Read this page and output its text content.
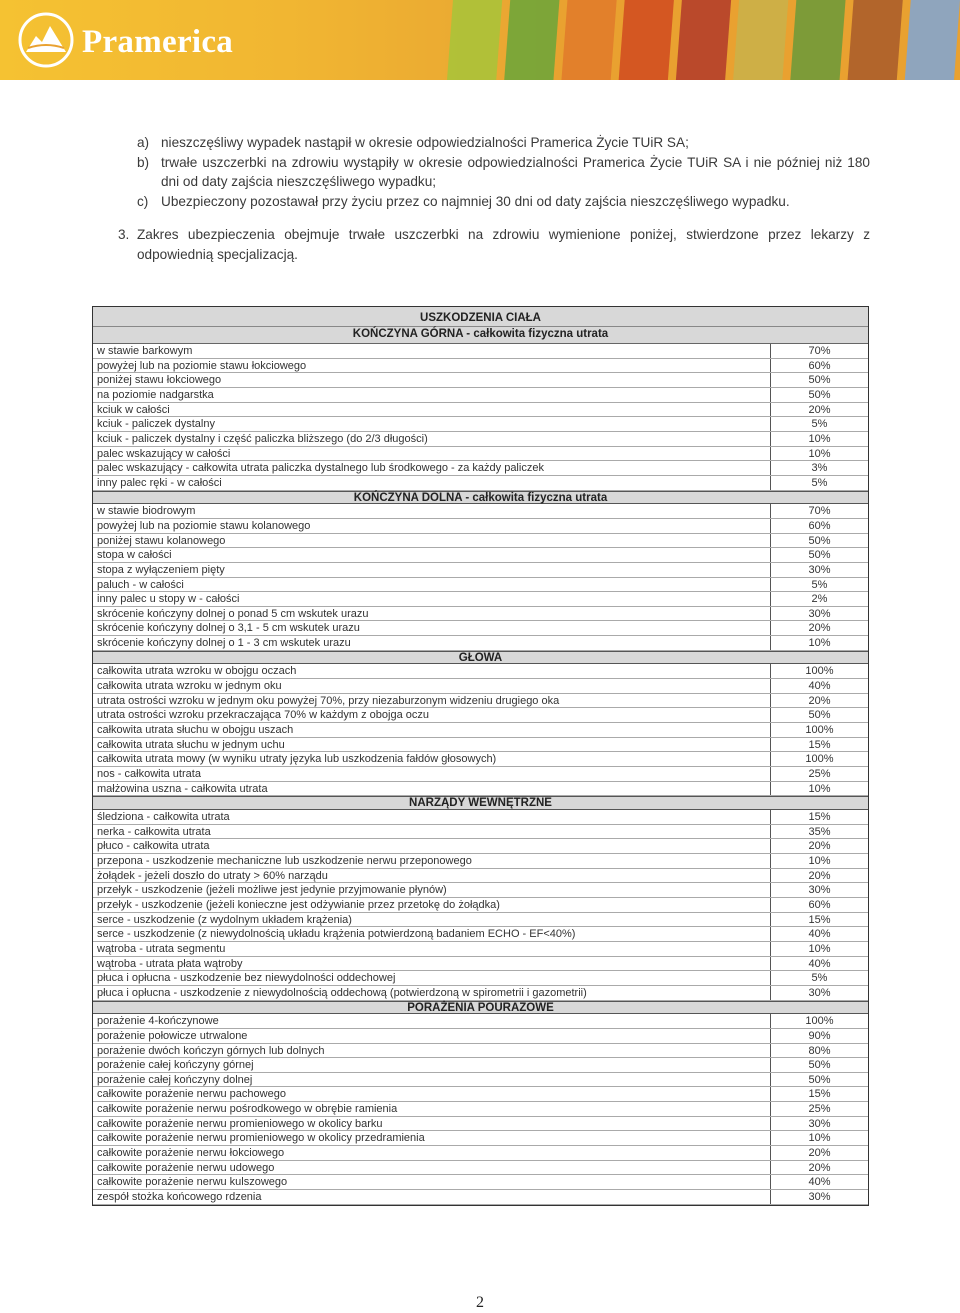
Pramerica
a) nieszczęśliwy wypadek nastąpił w okresie odpowiedzialności Pramerica Życie TUiR SA;
b) trwałe uszczerbki na zdrowiu wystąpiły w okresie odpowiedzialności Pramerica Życie TUiR SA i nie później niż 180 dni od daty zajścia nieszczęśliwego wypadku;
c) Ubezpieczony pozostawał przy życiu przez co najmniej 30 dni od daty zajścia nieszczęśliwego wypadku.
3. Zakres ubezpieczenia obejmuje trwałe uszczerbki na zdrowiu wymienione poniżej, stwierdzone przez lekarzy z odpowiednią specjalizacją.
USZKODZENIA CIAŁA
KOŃCZYNA GÓRNA - całkowita fizyczna utrata
w stawie barkowym	70%
powyżej lub na poziomie stawu łokciowego	60%
poniżej stawu łokciowego	50%
na poziomie nadgarstka	50%
kciuk w całości	20%
kciuk - paliczek dystalny	5%
kciuk - paliczek dystalny i część paliczka bliższego (do 2/3 długości)	10%
palec wskazujący w całości	10%
palec wskazujący - całkowita utrata paliczka dystalnego lub środkowego - za każdy paliczek	3%
inny palec ręki - w całości	5%
KOŃCZYNA DOLNA - całkowita fizyczna utrata
w stawie biodrowym	70%
powyżej lub na poziomie stawu kolanowego	60%
poniżej stawu kolanowego	50%
stopa w całości	50%
stopa z wyłączeniem pięty	30%
paluch - w całości	5%
inny palec u stopy w - całości	2%
skrócenie kończyny dolnej o ponad 5 cm wskutek urazu	30%
skrócenie kończyny dolnej o 3,1 - 5 cm wskutek urazu	20%
skrócenie kończyny dolnej o 1 - 3 cm wskutek urazu	10%
GŁOWA
całkowita utrata wzroku w obojgu oczach	100%
całkowita utrata wzroku w jednym oku	40%
utrata ostrości wzroku w jednym oku powyżej 70%, przy niezaburzonym widzeniu drugiego oka	20%
utrata ostrości wzroku przekraczająca 70% w każdym z obojga oczu	50%
całkowita utrata słuchu w obojgu uszach	100%
całkowita utrata słuchu w jednym uchu	15%
całkowita utrata mowy (w wyniku utraty języka lub uszkodzenia fałdów głosowych)	100%
nos - całkowita utrata	25%
małżowina uszna - całkowita utrata	10%
NARZĄDY WEWNĘTRZNE
śledziona - całkowita utrata	15%
nerka - całkowita utrata	35%
płuco - całkowita utrata	20%
przepona - uszkodzenie mechaniczne lub uszkodzenie nerwu przeponowego	10%
żołądek - jeżeli doszło do utraty > 60% narządu	20%
przełyk - uszkodzenie (jeżeli możliwe jest jedynie przyjmowanie płynów)	30%
przełyk - uszkodzenie (jeżeli konieczne jest odżywianie przez przetokę do żołądka)	60%
serce - uszkodzenie (z wydolnym układem krążenia)	15%
serce - uszkodzenie (z niewydolnością układu krążenia potwierdzoną badaniem ECHO - EF<40%)	40%
wątroba - utrata segmentu	10%
wątroba - utrata płata wątroby	40%
płuca i opłucna - uszkodzenie bez niewydolności oddechowej	5%
płuca i opłucna - uszkodzenie z niewydolnością oddechową (potwierdzoną w spirometrii i gazometrii)	30%
PORAŻENIA POURAZOWE
porażenie 4-kończynowe	100%
porażenie połowicze utrwalone	90%
porażenie dwóch kończyn górnych lub dolnych	80%
porażenie całej kończyny górnej	50%
porażenie całej kończyny dolnej	50%
całkowite porażenie nerwu pachowego	15%
całkowite porażenie nerwu pośrodkowego w obrębie ramienia	25%
całkowite porażenie nerwu promieniowego w okolicy barku	30%
całkowite porażenie nerwu promieniowego w okolicy przedramienia	10%
całkowite porażenie nerwu łokciowego	20%
całkowite porażenie nerwu udowego	20%
całkowite porażenie nerwu kulszowego	40%
zespół stożka końcowego rdzenia	30%
2
